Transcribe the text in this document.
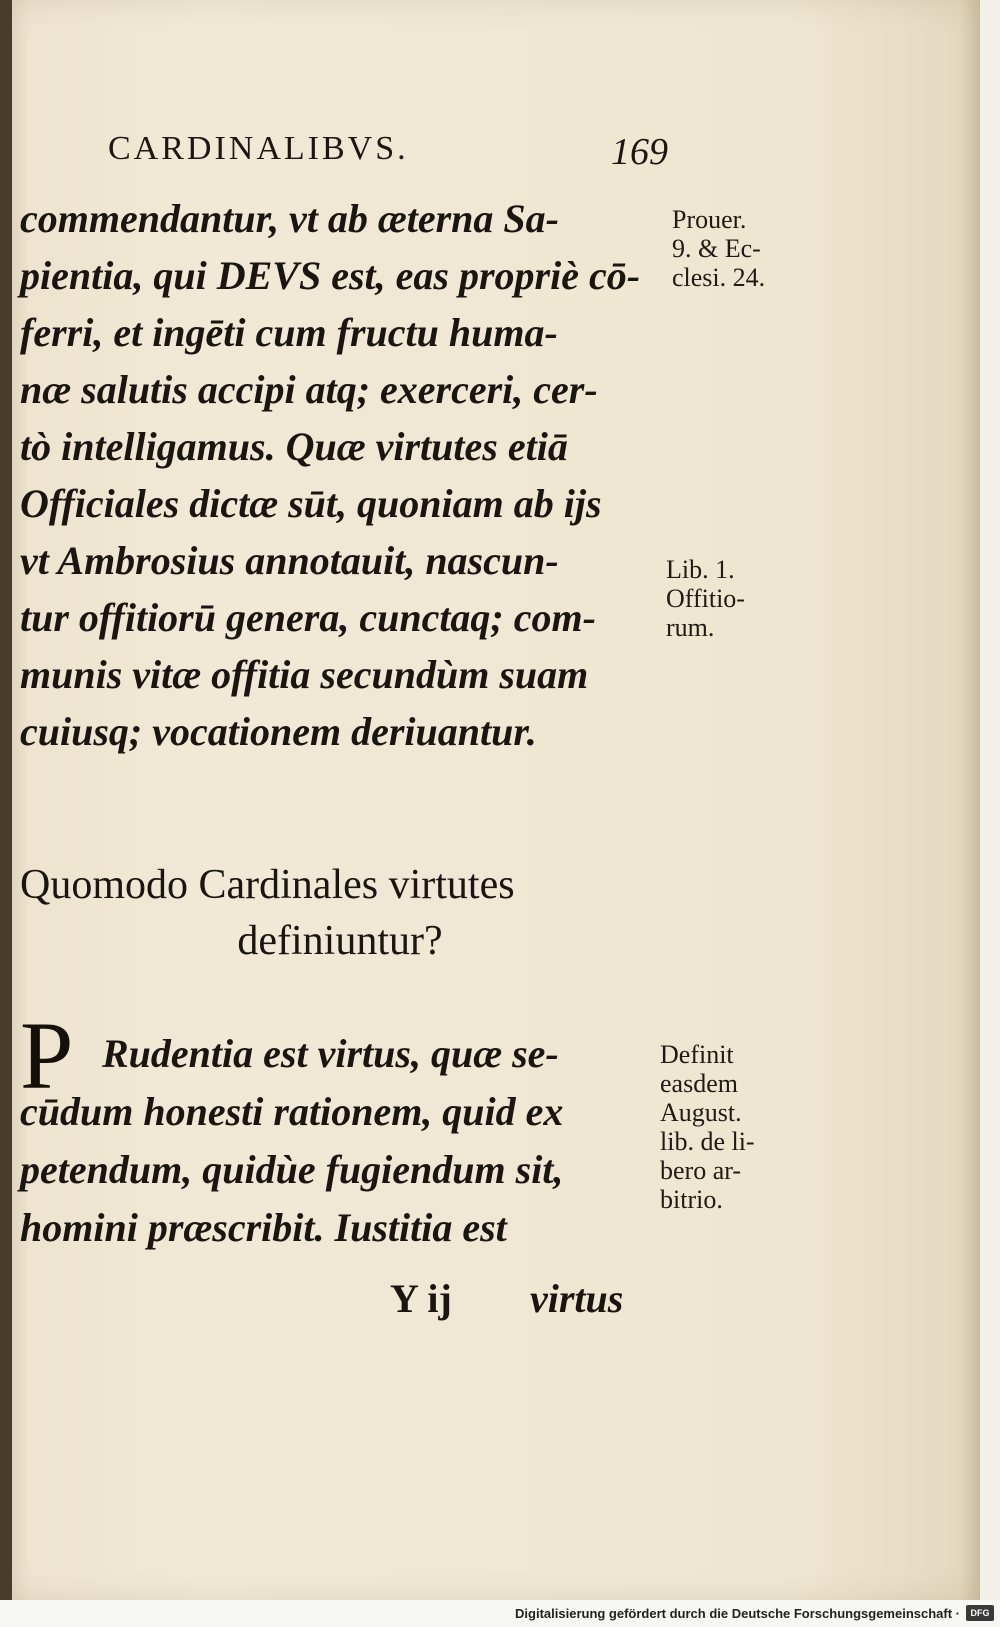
CARDINALIBVS.	169
commendantur, vt ab æterna Sa-
pientia, qui DEVS est, eas propriè cō-
ferri, et ingēti cum fructu huma-
næ salutis accipi atq; exerceri, cer-
tò intelligamus. Quæ virtutes etiā
Officiales dictæ sūt, quoniam ab ijs
vt Ambrosius annotauit, nascun-
tur offitiorū genera, cunctaq; com-
munis vitæ offitia secundùm suam
cuiusq; vocationem deriuantur.
Prouer.
9. & Ec-
clesi. 24.
Lib. 1.
Offitio-
rum.
Quomodo Cardinales virtutes
definiuntur?
P Rudentia est virtus, quæ se-
cūdum honesti rationem, quid ex
petendum, quidùe fugiendum sit,
homini præscribit. Iustitia est
Definit
easdem
August.
lib. de li-
bero ar-
bitrio.
Y ij virtus
Digitalisierung gefördert durch die Deutsche Forschungsgemeinschaft ·	DFG
